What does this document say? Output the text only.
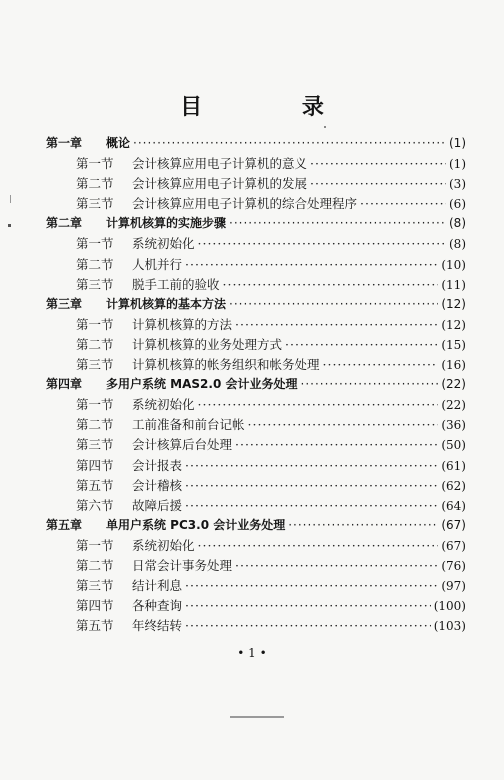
目 录
第一章 概论 ·····	(1)
第一节 会计核算应用电子计算机的意义 ·····	(1)
第二节 会计核算应用电子计算机的发展 ·····	(3)
第三节 会计核算应用电子计算机的综合处理程序 ·····	(6)
第二章 计算机核算的实施步骤 ·····	(8)
第一节 系统初始化 ·····	(8)
第二节 人机并行 ·····	(10)
第三节 脱手工前的验收 ·····	(11)
第三章 计算机核算的基本方法 ·····	(12)
第一节 计算机核算的方法 ·····	(12)
第二节 计算机核算的业务处理方式 ·····	(15)
第三节 计算机核算的帐务组织和帐务处理 ·····	(16)
第四章 多用户系统 MAS2.0 会计业务处理 ·····	(22)
第一节 系统初始化 ·····	(22)
第二节 工前准备和前台记帐 ·····	(36)
第三节 会计核算后台处理 ·····	(50)
第四节 会计报表 ·····	(61)
第五节 会计稽核 ·····	(62)
第六节 故障后援 ·····	(64)
第五章 单用户系统 PC3.0 会计业务处理 ·····	(67)
第一节 系统初始化 ·····	(67)
第二节 日常会计事务处理 ·····	(76)
第三节 结计利息 ·····	(97)
第四节 各种查询 ·····	(100)
第五节 年终结转 ·····	(103)
• 1 •
